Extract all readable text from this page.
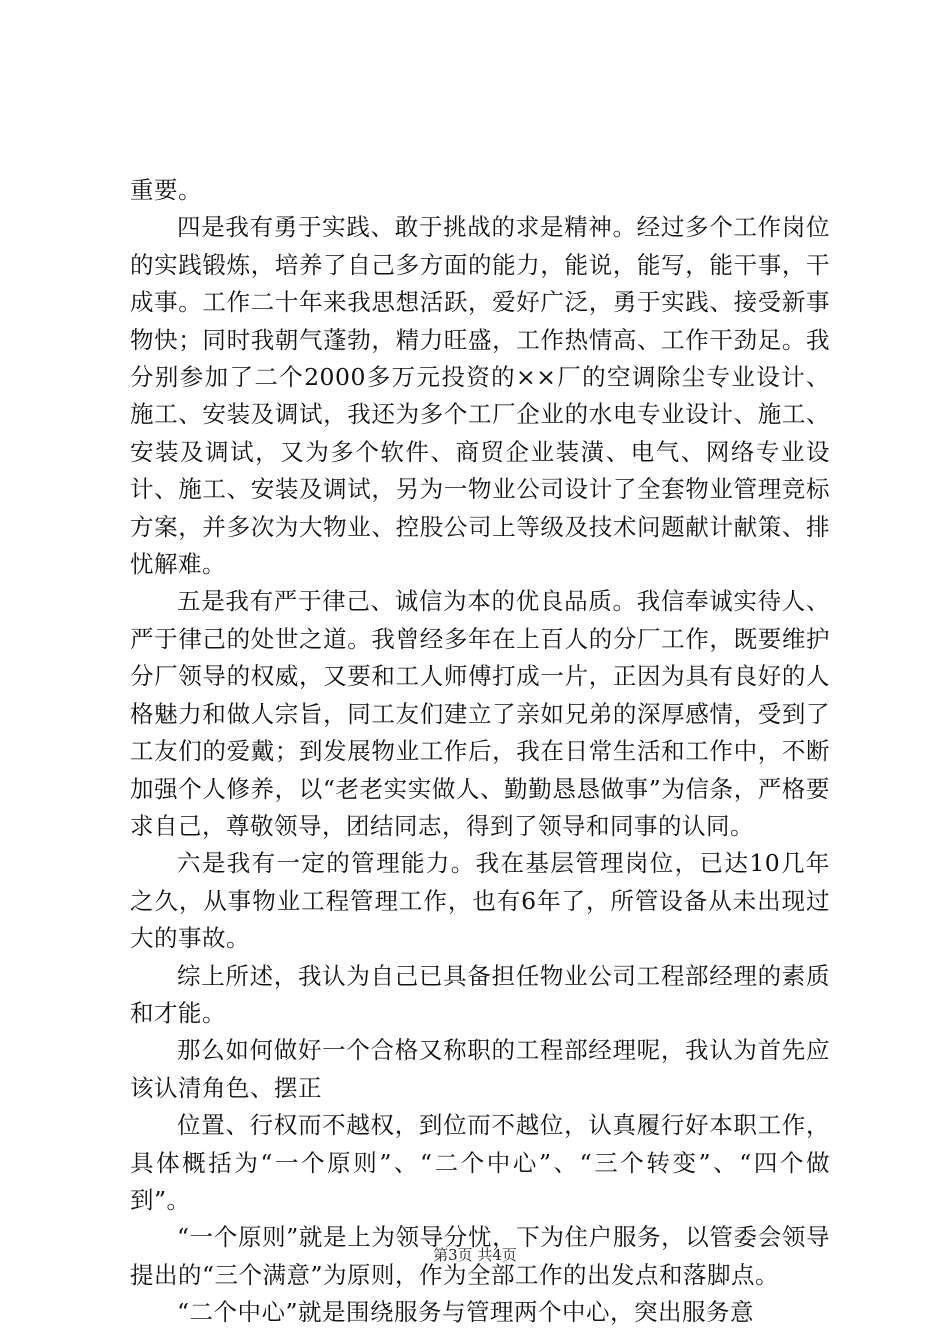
重要。

四是我有勇于实践、敢于挑战的求是精神。经过多个工作岗位的实践锻炼，培养了自己多方面的能力，能说，能写，能干事，干成事。工作二十年来我思想活跃，爱好广泛，勇于实践、接受新事物快；同时我朝气蓬勃，精力旺盛，工作热情高、工作干劲足。我分别参加了二个2000多万元投资的××厂的空调除尘专业设计、施工、安装及调试，我还为多个工厂企业的水电专业设计、施工、安装及调试，又为多个软件、商贸企业装潢、电气、网络专业设计、施工、安装及调试，另为一物业公司设计了全套物业管理竞标方案，并多次为大物业、控股公司上等级及技术问题献计献策、排忧解难。

五是我有严于律己、诚信为本的优良品质。我信奉诚实待人、严于律己的处世之道。我曾经多年在上百人的分厂工作，既要维护分厂领导的权威，又要和工人师傅打成一片，正因为具有良好的人格魅力和做人宗旨，同工友们建立了亲如兄弟的深厚感情，受到了工友们的爱戴；到发展物业工作后，我在日常生活和工作中，不断加强个人修养，以“老老实实做人、勤勤恳恳做事”为信条，严格要求自己，尊敬领导，团结同志，得到了领导和同事的认同。

六是我有一定的管理能力。我在基层管理岗位，已达10几年之久，从事物业工程管理工作，也有6年了，所管设备从未出现过大的事故。

综上所述，我认为自己已具备担任物业公司工程部经理的素质和才能。

那么如何做好一个合格又称职的工程部经理呢，我认为首先应该认清角色、摆正

位置、行权而不越权，到位而不越位，认真履行好本职工作，具体概括为“一个原则”、“二个中心”、“三个转变”、“四个做到”。

“一个原则”就是上为领导分忧，下为住户服务，以管委会领导提出的“三个满意”为原则，作为全部工作的出发点和落脚点。

“二个中心”就是围绕服务与管理两个中心，突出服务意

第3页 共4页
